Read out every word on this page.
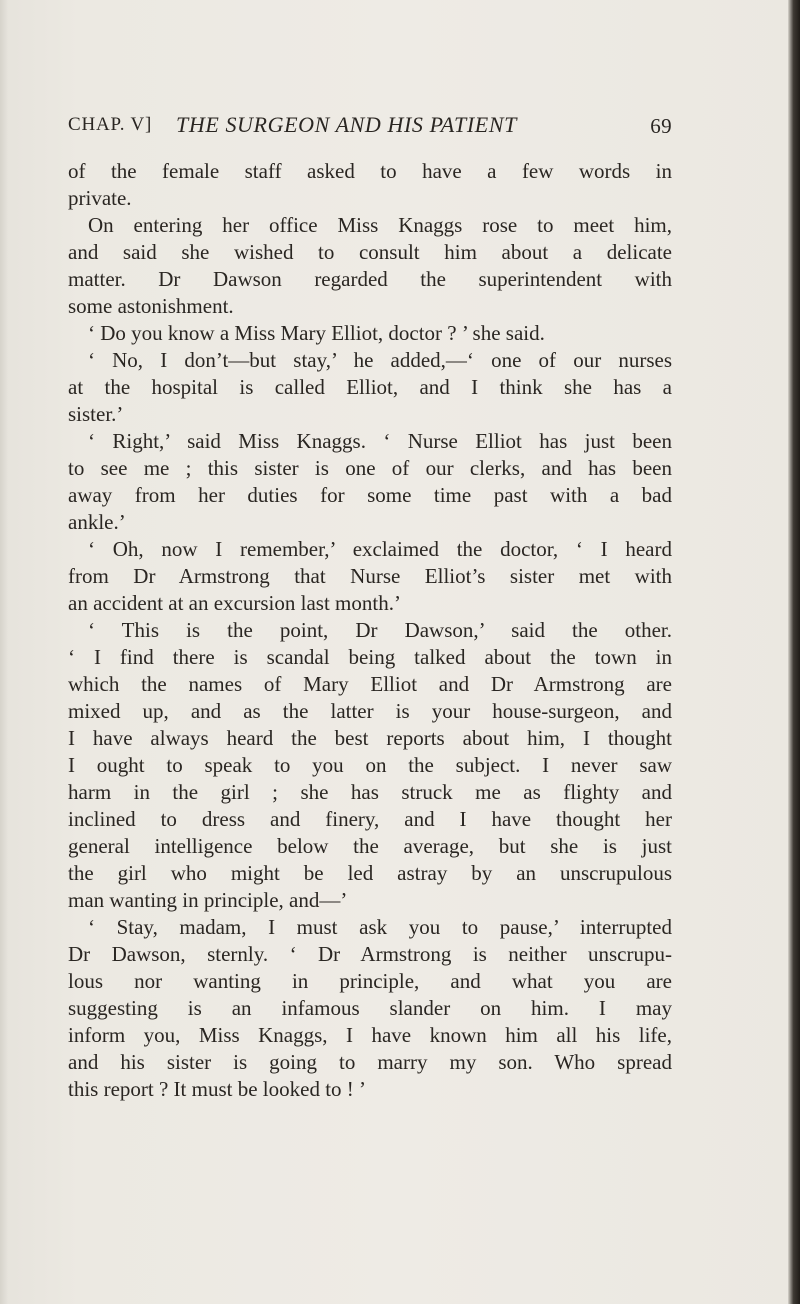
CHAP. V] THE SURGEON AND HIS PATIENT	69
of the female staff asked to have a few words in
private.
On entering her office Miss Knaggs rose to meet him,
and said she wished to consult him about a delicate
matter. Dr Dawson regarded the superintendent with
some astonishment.
‘ Do you know a Miss Mary Elliot, doctor ? ’ she said.
‘ No, I don’t—but stay,’ he added,—‘ one of our nurses
at the hospital is called Elliot, and I think she has a
sister.’
‘ Right,’ said Miss Knaggs. ‘ Nurse Elliot has just been
to see me ; this sister is one of our clerks, and has been
away from her duties for some time past with a bad
ankle.’
‘ Oh, now I remember,’ exclaimed the doctor, ‘ I heard
from Dr Armstrong that Nurse Elliot’s sister met with
an accident at an excursion last month.’
‘ This is the point, Dr Dawson,’ said the other.
‘ I find there is scandal being talked about the town in
which the names of Mary Elliot and Dr Armstrong are
mixed up, and as the latter is your house-surgeon, and
I have always heard the best reports about him, I thought
I ought to speak to you on the subject. I never saw
harm in the girl ; she has struck me as flighty and
inclined to dress and finery, and I have thought her
general intelligence below the average, but she is just
the girl who might be led astray by an unscrupulous
man wanting in principle, and—’
‘ Stay, madam, I must ask you to pause,’ interrupted
Dr Dawson, sternly. ‘ Dr Armstrong is neither unscrupu-
lous nor wanting in principle, and what you are
suggesting is an infamous slander on him. I may
inform you, Miss Knaggs, I have known him all his life,
and his sister is going to marry my son. Who spread
this report ? It must be looked to ! ’
